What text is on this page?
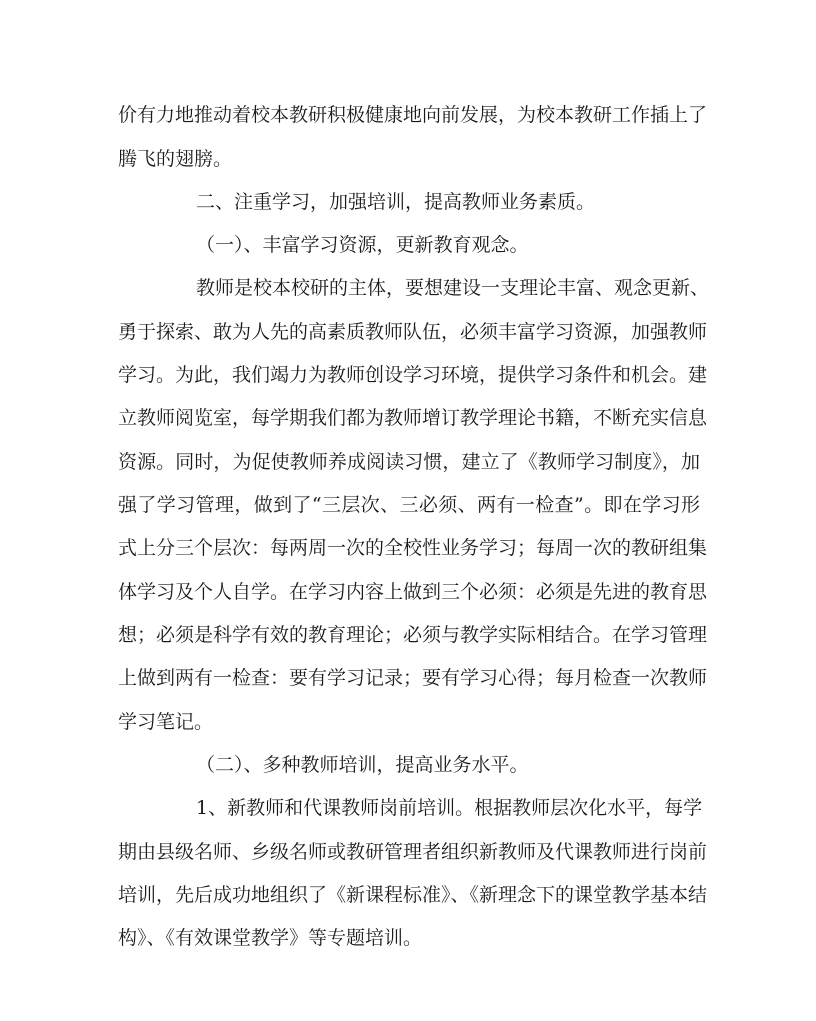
价有力地推动着校本教研积极健康地向前发展，为校本教研工作插上了
腾飞的翅膀。
二、注重学习，加强培训，提高教师业务素质。
（一）、丰富学习资源，更新教育观念。
教师是校本校研的主体，要想建设一支理论丰富、观念更新、
勇于探索、敢为人先的高素质教师队伍，必须丰富学习资源，加强教师
学习。为此，我们竭力为教师创设学习环境，提供学习条件和机会。建
立教师阅览室，每学期我们都为教师增订教学理论书籍，不断充实信息
资源。同时，为促使教师养成阅读习惯，建立了《教师学习制度》，加
强了学习管理，做到了“三层次、三必须、两有一检查”。即在学习形
式上分三个层次：每两周一次的全校性业务学习；每周一次的教研组集
体学习及个人自学。在学习内容上做到三个必须：必须是先进的教育思
想；必须是科学有效的教育理论；必须与教学实际相结合。在学习管理
上做到两有一检查：要有学习记录；要有学习心得；每月检查一次教师
学习笔记。
（二）、多种教师培训，提高业务水平。
1、新教师和代课教师岗前培训。根据教师层次化水平，每学
期由县级名师、乡级名师或教研管理者组织新教师及代课教师进行岗前
培训，先后成功地组织了《新课程标准》、《新理念下的课堂教学基本结
构》、《有效课堂教学》等专题培训。
